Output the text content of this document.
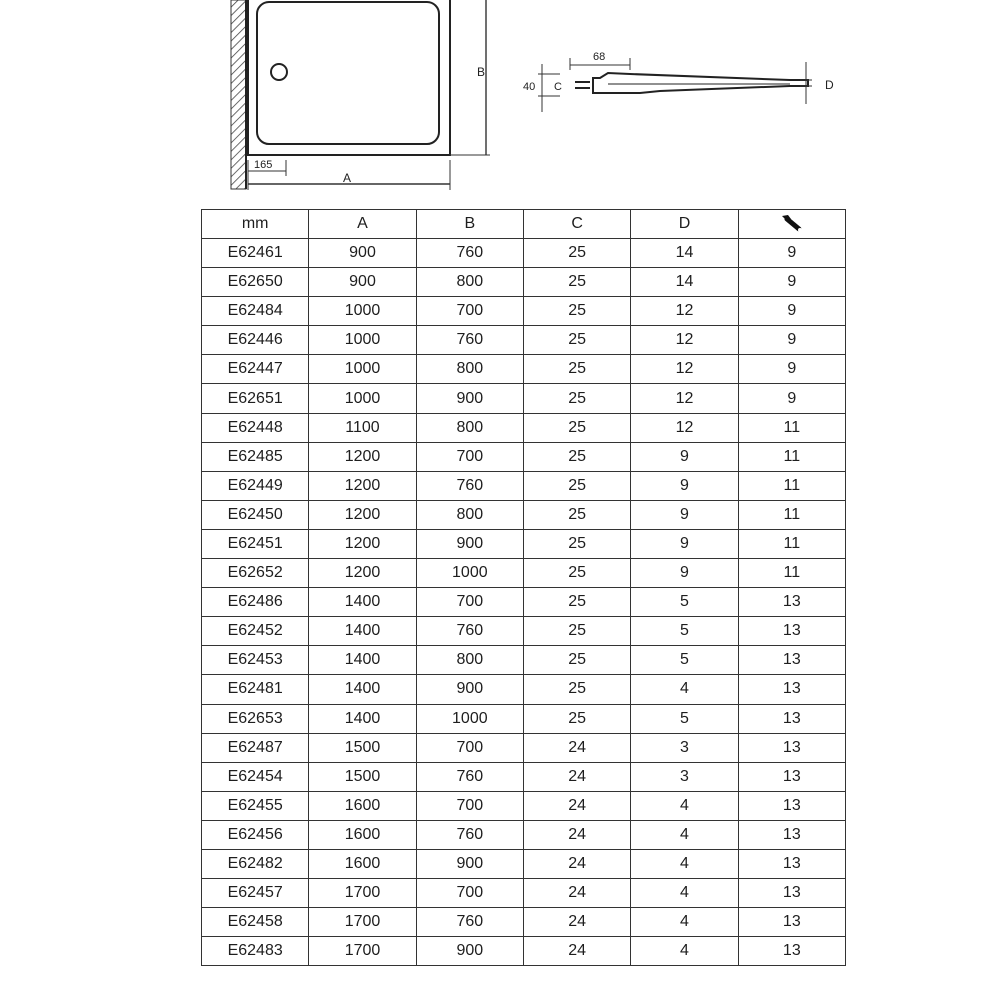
B
165
A
68
40 C	D
mm	A	B	C	D	
E62461	900	760	25	14	9
E62650	900	800	25	14	9
E62484	1000	700	25	12	9
E62446	1000	760	25	12	9
E62447	1000	800	25	12	9
E62651	1000	900	25	12	9
E62448	1100	800	25	12	11
E62485	1200	700	25	9	11
E62449	1200	760	25	9	11
E62450	1200	800	25	9	11
E62451	1200	900	25	9	11
E62652	1200	1000	25	9	11
E62486	1400	700	25	5	13
E62452	1400	760	25	5	13
E62453	1400	800	25	5	13
E62481	1400	900	25	4	13
E62653	1400	1000	25	5	13
E62487	1500	700	24	3	13
E62454	1500	760	24	3	13
E62455	1600	700	24	4	13
E62456	1600	760	24	4	13
E62482	1600	900	24	4	13
E62457	1700	700	24	4	13
E62458	1700	760	24	4	13
E62483	1700	900	24	4	13
